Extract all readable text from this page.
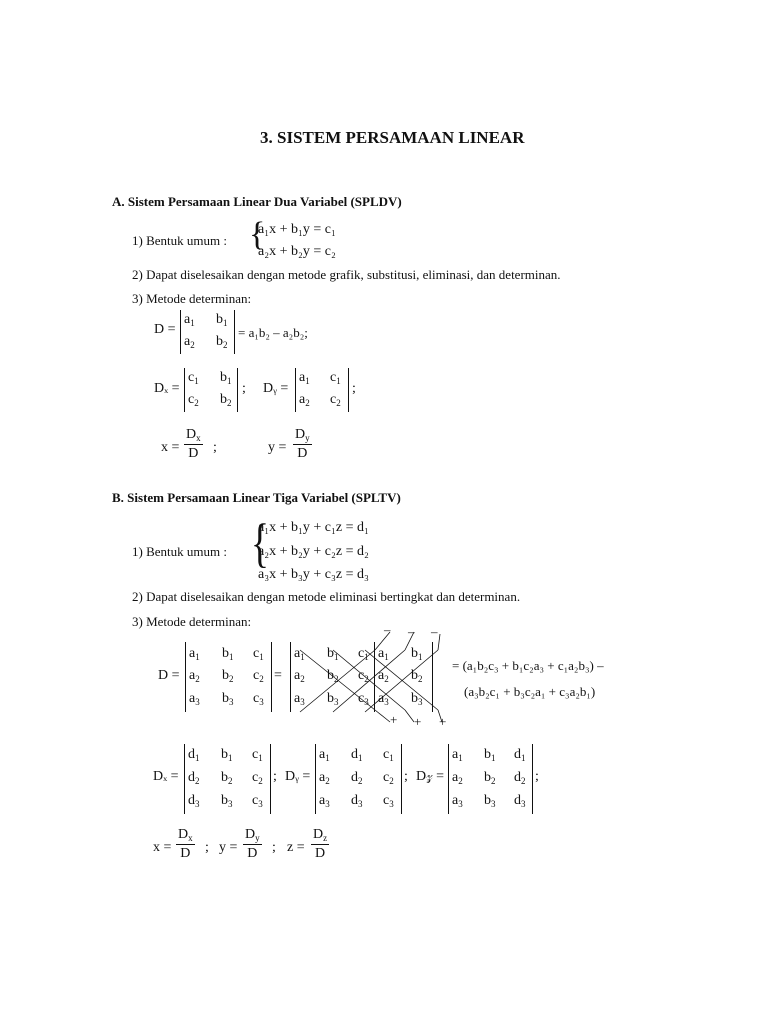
3. SISTEM PERSAMAAN LINEAR
A. Sistem Persamaan Linear Dua Variabel (SPLDV)
1) Bentuk umum : {
a₁x + b₁y = c₁
a₂x + b₂y = c₂
2) Dapat diselesaikan dengan metode grafik, substitusi, eliminasi, dan determinan.
3) Metode determinan:
D =
$a_1$ $b_1$
$a_2$ $b_2$
= a₁b₂ – a₂b₂;
Dₓ =
$c_1$ $b_1$
$c_2$ $b_2$
; Dᵧ =
$a_1$ $c_1$
$a_2$ $c_2$
;
$x = \frac{D_x}{D}$ ;	$y = \frac{D_y}{D}$
B. Sistem Persamaan Linear Tiga Variabel (SPLTV)
1) Bentuk umum : {
a₁x + b₁y + c₁z = d₁
a₂x + b₂y + c₂z = d₂
a₃x + b₃y + c₃z = d₃
2) Dapat diselesaikan dengan metode eliminasi bertingkat dan determinan.
3) Metode determinan:
D =
$a_1$ $b_1$ $c_1$
$a_2$ $b_2$ $c_2$
$a_3$ $b_3$ $c_3$
=
$a_1$ $b_1$ $c_1$ $a_1$ $b_1$
$a_2$ $b_2$ $c_2$ $a_2$ $b_2$
$a_3$ $b_3$ $c_3$ $a_3$ $b_3$
– – –
+ + +
= (a₁b₂c₃ + b₁c₂a₃ + c₁a₂b₃) –
(a₃b₂c₁ + b₃c₂a₁ + c₃a₂b₁)
Dₓ =
$d_1$ $b_1$ $c_1$
$d_2$ $b_2$ $c_2$
$d_3$ $b_3$ $c_3$
; Dᵧ =
$a_1$ $d_1$ $c_1$
$a_2$ $d_2$ $c_2$
$a_3$ $d_3$ $c_3$
; D𝓏 =
$a_1$ $b_1$ $d_1$
$a_2$ $b_2$ $d_2$
$a_3$ $b_3$ $d_3$
;
$x = \frac{D_x}{D}$ ; $y = \frac{D_y}{D}$ ; $z = \frac{D_z}{D}$
